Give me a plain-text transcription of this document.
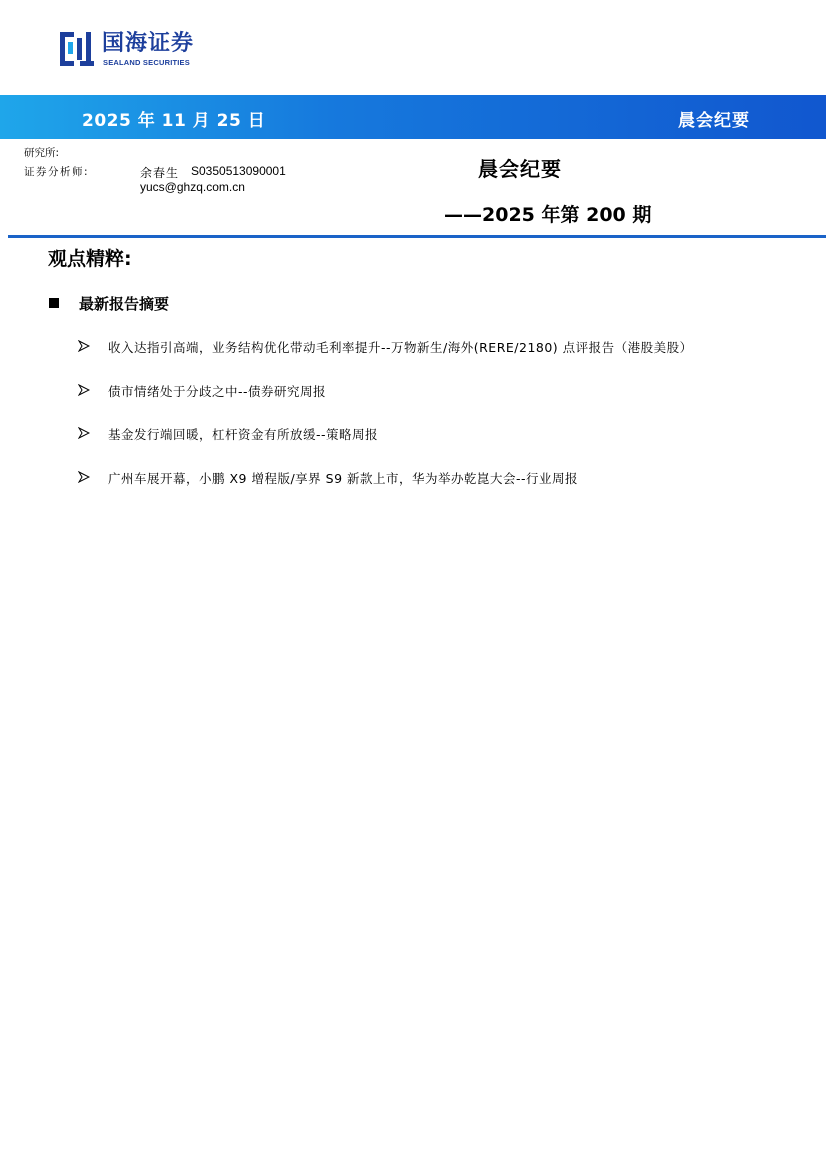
国海证券
SEALAND SECURITIES
2025 年 11 月 25 日	晨会纪要
研究所:
证券分析师:	余春生 S0350513090001
yucs@ghzq.com.cn
晨会纪要
——2025 年第 200 期
观点精粹:
最新报告摘要
收入达指引高端，业务结构优化带动毛利率提升--万物新生/海外(RERE/2180) 点评报告（港股美股）
债市情绪处于分歧之中--债券研究周报
基金发行端回暖，杠杆资金有所放缓--策略周报
广州车展开幕，小鹏 X9 增程版/享界 S9 新款上市，华为举办乾崑大会--行业周报
